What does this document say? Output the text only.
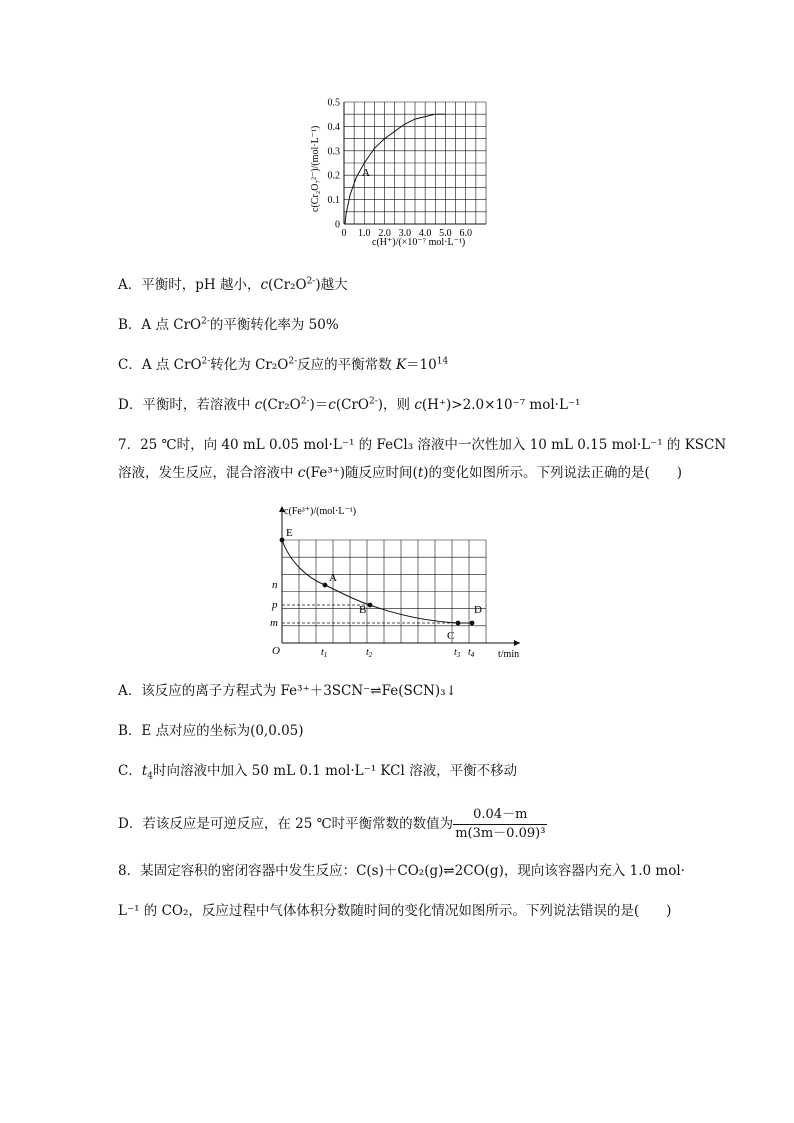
A
0
0.1
0.2
0.3
0.4
0.5
0 1.0 2.0 3.0 4.0 5.0 6.0
c(Cr₂O₇²⁻)/(mol·L⁻¹)
c(H⁺)/(×10⁻⁷ mol·L⁻¹)
A．平衡时，pH 越小，$c(Cr_2O^{2-})$越大
B．A 点 CrO$^{2-}$的平衡转化率为 50%
C．A 点 CrO$^{2-}$转化为 $Cr_2O^{2-}$反应的平衡常数 $K=10^{14}$
D．平衡时，若溶液中 $c(Cr_2O^{2-})=c(CrO^{2-})$，则 c(H⁺)>2.0×10⁻⁷ mol·L⁻¹
7．25 ℃时，向 40 mL 0.05 mol·L⁻¹ 的 FeCl₃ 溶液中一次性加入 10 mL 0.15 mol·L⁻¹ 的 KSCN
溶液，发生反应，混合溶液中 c(Fe³⁺)随反应时间(t)的变化如图所示。下列说法正确的是(　　)
E
A
B
C
D
n
p
m
O	$t_1$	$t_2$	$t_3$ $t_4$ t/min
c(Fe³⁺)/(mol·L⁻¹)
A．该反应的离子方程式为 Fe³⁺＋3SCN⁻⇌Fe(SCN)₃↓
B．E 点对应的坐标为(0,0.05)
C．$t_4$时向溶液中加入 50 mL 0.1 mol·L⁻¹ KCl 溶液，平衡不移动
D．若该反应是可逆反应，在 25 ℃时平衡常数的数值为 $\frac{0.04-m}{\text{m(3m－0.09)³}}$
8．某固定容积的密闭容器中发生反应：C(s)＋CO₂(g)⇌2CO(g)，现向该容器内充入 1.0 mol·
L⁻¹ 的 CO₂，反应过程中气体体积分数随时间的变化情况如图所示。下列说法错误的是(　　)
